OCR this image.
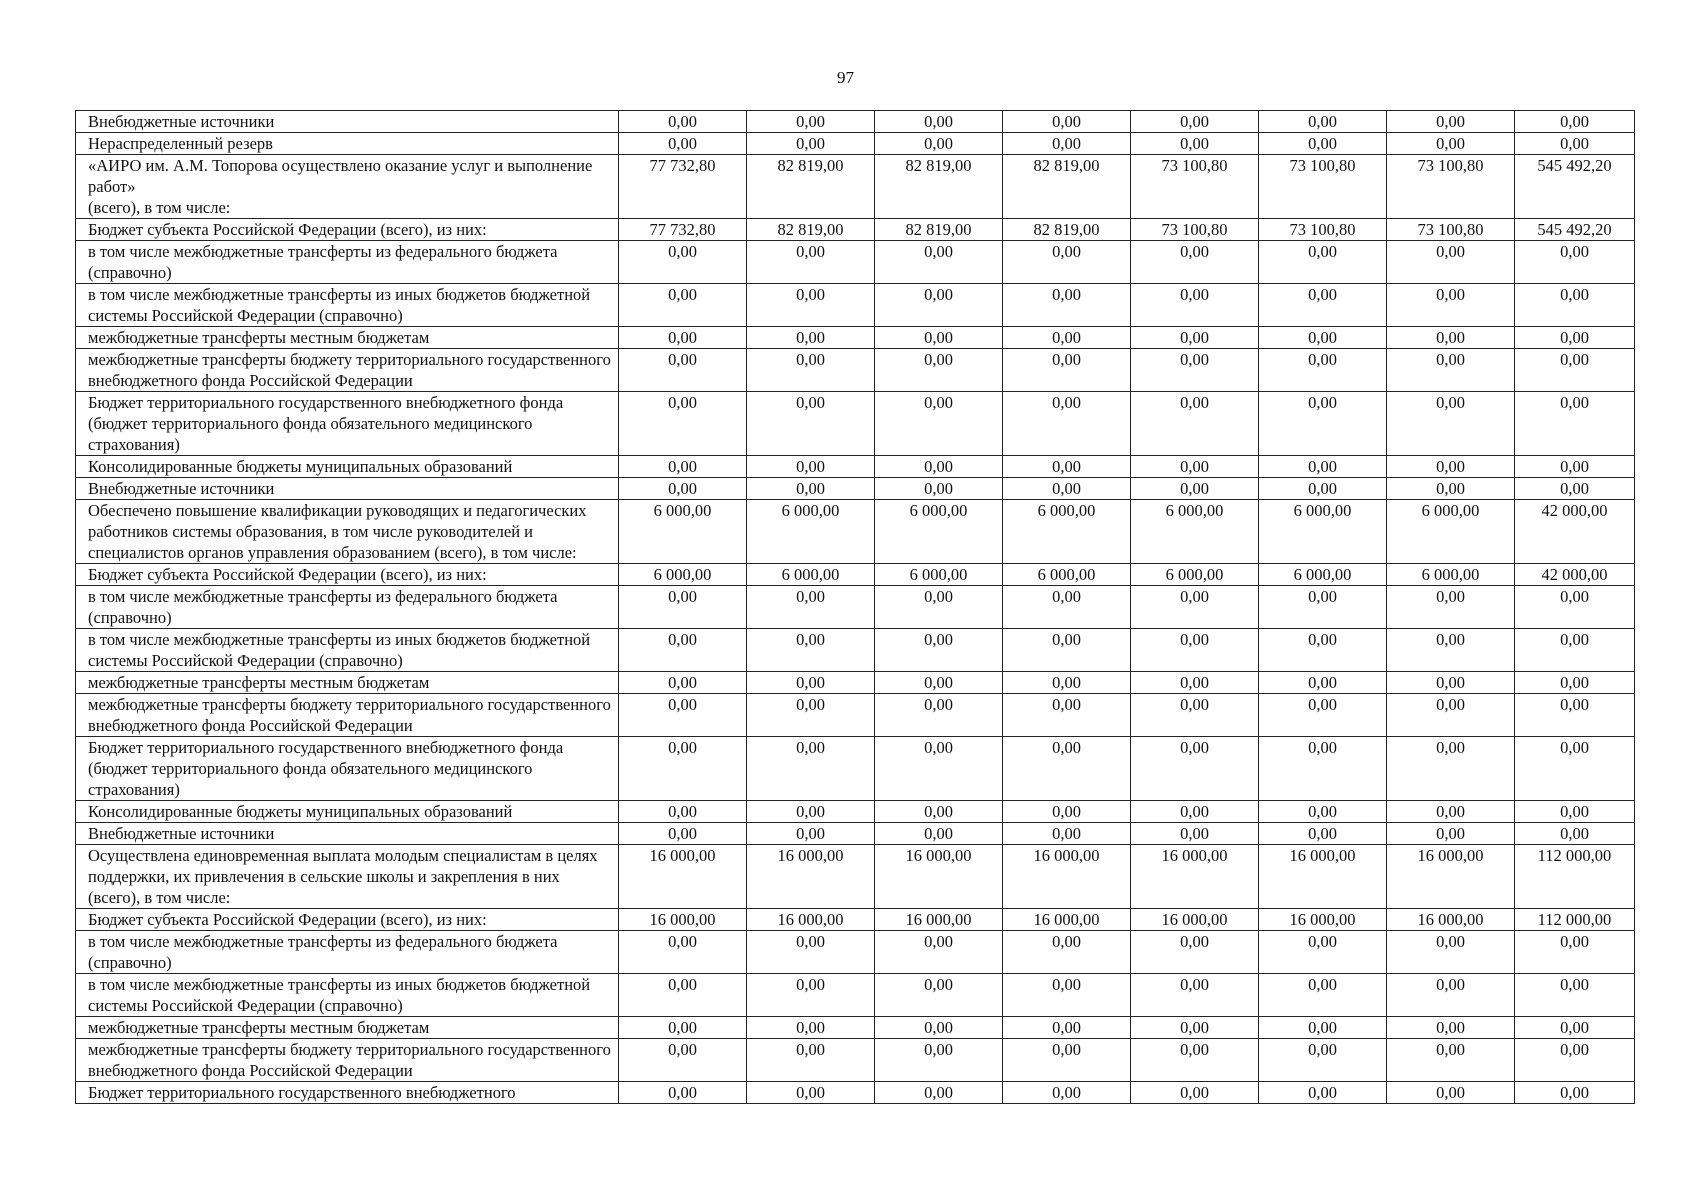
97
Внебюджетные источники	0,00	0,00	0,00	0,00	0,00	0,00	0,00	0,00
Нераспределенный резерв	0,00	0,00	0,00	0,00	0,00	0,00	0,00	0,00
«АИРО им. А.М. Топорова осуществлено оказание услуг и выполнение работ»
(всего), в том числе:	77 732,80	82 819,00	82 819,00	82 819,00	73 100,80	73 100,80	73 100,80	545 492,20
Бюджет субъекта Российской Федерации (всего), из них:	77 732,80	82 819,00	82 819,00	82 819,00	73 100,80	73 100,80	73 100,80	545 492,20
в том числе межбюджетные трансферты из федерального бюджета (справочно)	0,00	0,00	0,00	0,00	0,00	0,00	0,00	0,00
в том числе межбюджетные трансферты из иных бюджетов бюджетной системы Российской Федерации (справочно)	0,00	0,00	0,00	0,00	0,00	0,00	0,00	0,00
межбюджетные трансферты местным бюджетам	0,00	0,00	0,00	0,00	0,00	0,00	0,00	0,00
межбюджетные трансферты бюджету территориального государственного внебюджетного фонда Российской Федерации	0,00	0,00	0,00	0,00	0,00	0,00	0,00	0,00
Бюджет территориального государственного внебюджетного фонда (бюджет территориального фонда обязательного медицинского страхования)	0,00	0,00	0,00	0,00	0,00	0,00	0,00	0,00
Консолидированные бюджеты муниципальных образований	0,00	0,00	0,00	0,00	0,00	0,00	0,00	0,00
Внебюджетные источники	0,00	0,00	0,00	0,00	0,00	0,00	0,00	0,00
Обеспечено повышение квалификации руководящих и педагогических работников системы образования, в том числе руководителей и специалистов органов управления образованием (всего), в том числе:	6 000,00	6 000,00	6 000,00	6 000,00	6 000,00	6 000,00	6 000,00	42 000,00
Бюджет субъекта Российской Федерации (всего), из них:	6 000,00	6 000,00	6 000,00	6 000,00	6 000,00	6 000,00	6 000,00	42 000,00
в том числе межбюджетные трансферты из федерального бюджета (справочно)	0,00	0,00	0,00	0,00	0,00	0,00	0,00	0,00
в том числе межбюджетные трансферты из иных бюджетов бюджетной системы Российской Федерации (справочно)	0,00	0,00	0,00	0,00	0,00	0,00	0,00	0,00
межбюджетные трансферты местным бюджетам	0,00	0,00	0,00	0,00	0,00	0,00	0,00	0,00
межбюджетные трансферты бюджету территориального государственного внебюджетного фонда Российской Федерации	0,00	0,00	0,00	0,00	0,00	0,00	0,00	0,00
Бюджет территориального государственного внебюджетного фонда (бюджет территориального фонда обязательного медицинского страхования)	0,00	0,00	0,00	0,00	0,00	0,00	0,00	0,00
Консолидированные бюджеты муниципальных образований	0,00	0,00	0,00	0,00	0,00	0,00	0,00	0,00
Внебюджетные источники	0,00	0,00	0,00	0,00	0,00	0,00	0,00	0,00
Осуществлена единовременная выплата молодым специалистам в целях поддержки, их привлечения в сельские школы и закрепления в них (всего), в том числе:	16 000,00	16 000,00	16 000,00	16 000,00	16 000,00	16 000,00	16 000,00	112 000,00
Бюджет субъекта Российской Федерации (всего), из них:	16 000,00	16 000,00	16 000,00	16 000,00	16 000,00	16 000,00	16 000,00	112 000,00
в том числе межбюджетные трансферты из федерального бюджета (справочно)	0,00	0,00	0,00	0,00	0,00	0,00	0,00	0,00
в том числе межбюджетные трансферты из иных бюджетов бюджетной системы Российской Федерации (справочно)	0,00	0,00	0,00	0,00	0,00	0,00	0,00	0,00
межбюджетные трансферты местным бюджетам	0,00	0,00	0,00	0,00	0,00	0,00	0,00	0,00
межбюджетные трансферты бюджету территориального государственного внебюджетного фонда Российской Федерации	0,00	0,00	0,00	0,00	0,00	0,00	0,00	0,00
Бюджет территориального государственного внебюджетного	0,00	0,00	0,00	0,00	0,00	0,00	0,00	0,00
